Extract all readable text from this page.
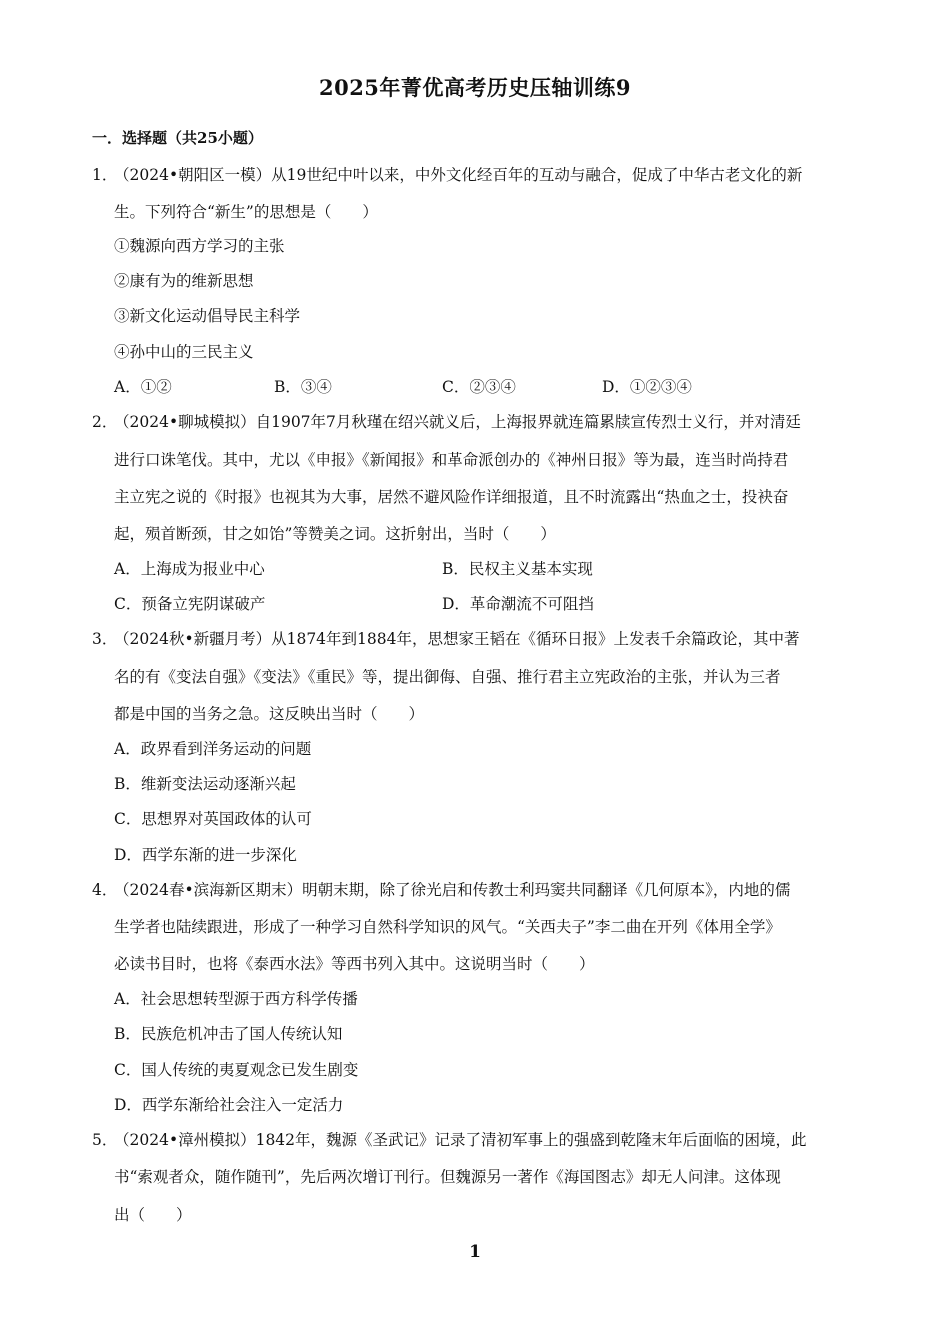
2025年菁优高考历史压轴训练9
一．选择题（共25小题）
1．
（2024•朝阳区一模）从19世纪中叶以来，中外文化经百年的互动与融合，促成了中华古老文化的新
生。下列符合“新生”的思想是（　　）
①魏源向西方学习的主张
②康有为的维新思想
③新文化运动倡导民主科学
④孙中山的三民主义
A．①②	B．③④	C．②③④	D．①②③④
2．
（2024•聊城模拟）自1907年7月秋瑾在绍兴就义后，上海报界就连篇累牍宣传烈士义行，并对清廷
进行口诛笔伐。其中，尤以《申报》《新闻报》和革命派创办的《神州日报》等为最，连当时尚持君
主立宪之说的《时报》也视其为大事，居然不避风险作详细报道，且不时流露出“热血之士，投袂奋
起，殒首断颈，甘之如饴”等赞美之词。这折射出，当时（　　）
A．上海成为报业中心	B．民权主义基本实现
C．预备立宪阴谋破产	D．革命潮流不可阻挡
3．
（2024秋•新疆月考）从1874年到1884年，思想家王韬在《循环日报》上发表千余篇政论，其中著
名的有《变法自强》《变法》《重民》等，提出御侮、自强、推行君主立宪政治的主张，并认为三者
都是中国的当务之急。这反映出当时（　　）
A．政界看到洋务运动的问题
B．维新变法运动逐渐兴起
C．思想界对英国政体的认可
D．西学东渐的进一步深化
4．
（2024春•滨海新区期末）明朝末期，除了徐光启和传教士利玛窦共同翻译《几何原本》，内地的儒
生学者也陆续跟进，形成了一种学习自然科学知识的风气。“关西夫子”李二曲在开列《体用全学》
必读书目时，也将《泰西水法》等西书列入其中。这说明当时（　　）
A．社会思想转型源于西方科学传播
B．民族危机冲击了国人传统认知
C．国人传统的夷夏观念已发生剧变
D．西学东渐给社会注入一定活力
5．
（2024•漳州模拟）1842年，魏源《圣武记》记录了清初军事上的强盛到乾隆末年后面临的困境，此
书“索观者众，随作随刊”，先后两次增订刊行。但魏源另一著作《海国图志》却无人问津。这体现
出（　　）
1
